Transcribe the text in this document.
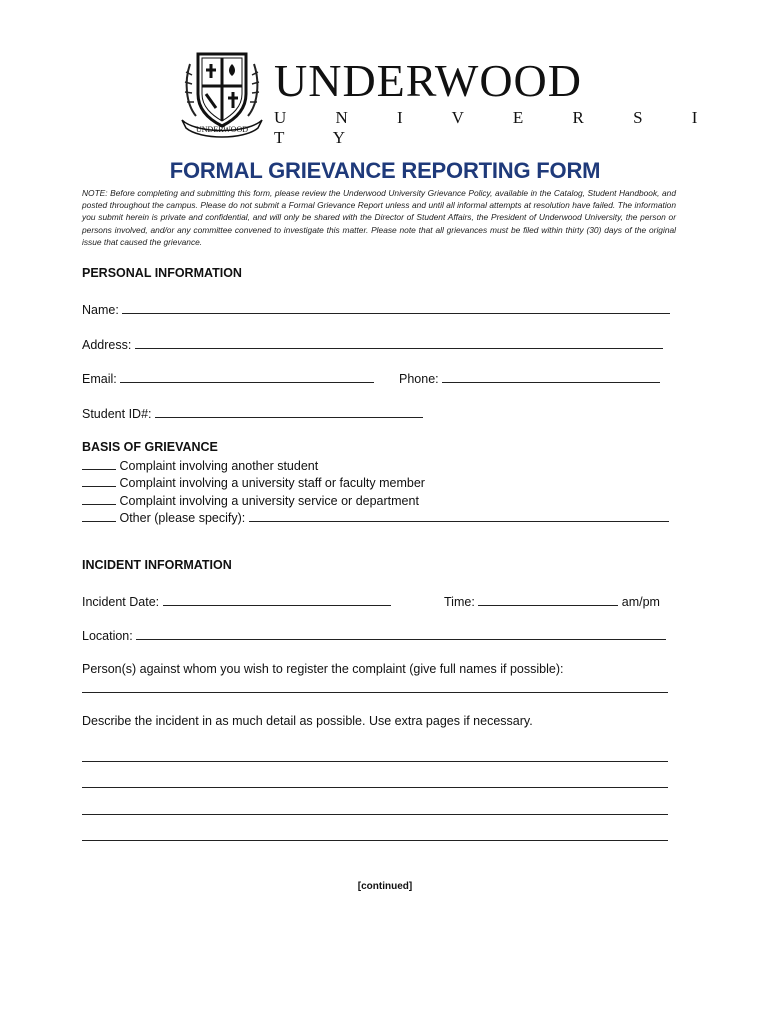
UNDERWOOD
UNDERWOOD
U N I V E R S I T Y
FORMAL GRIEVANCE REPORTING FORM
NOTE: Before completing and submitting this form, please review the Underwood University Grievance Policy, available in the Catalog, Student Handbook, and posted throughout the campus. Please do not submit a Formal Grievance Report unless and until all informal attempts at resolution have failed. The information you submit herein is private and confidential, and will only be shared with the Director of Student Affairs, the President of Underwood University, the person or persons involved, and/or any committee convened to investigate this matter. Please note that all grievances must be filed within thirty (30) days of the original issue that caused the grievance.
PERSONAL INFORMATION
Name:
Address:
Email:	Phone:
Student ID#:
BASIS OF GRIEVANCE
Complaint involving another student
Complaint involving a university staff or faculty member
Complaint involving a university service or department
Other (please specify):
INCIDENT INFORMATION
Incident Date:	Time:	am/pm
Location:
Person(s) against whom you wish to register the complaint (give full names if possible):
Describe the incident in as much detail as possible. Use extra pages if necessary.
[continued]
